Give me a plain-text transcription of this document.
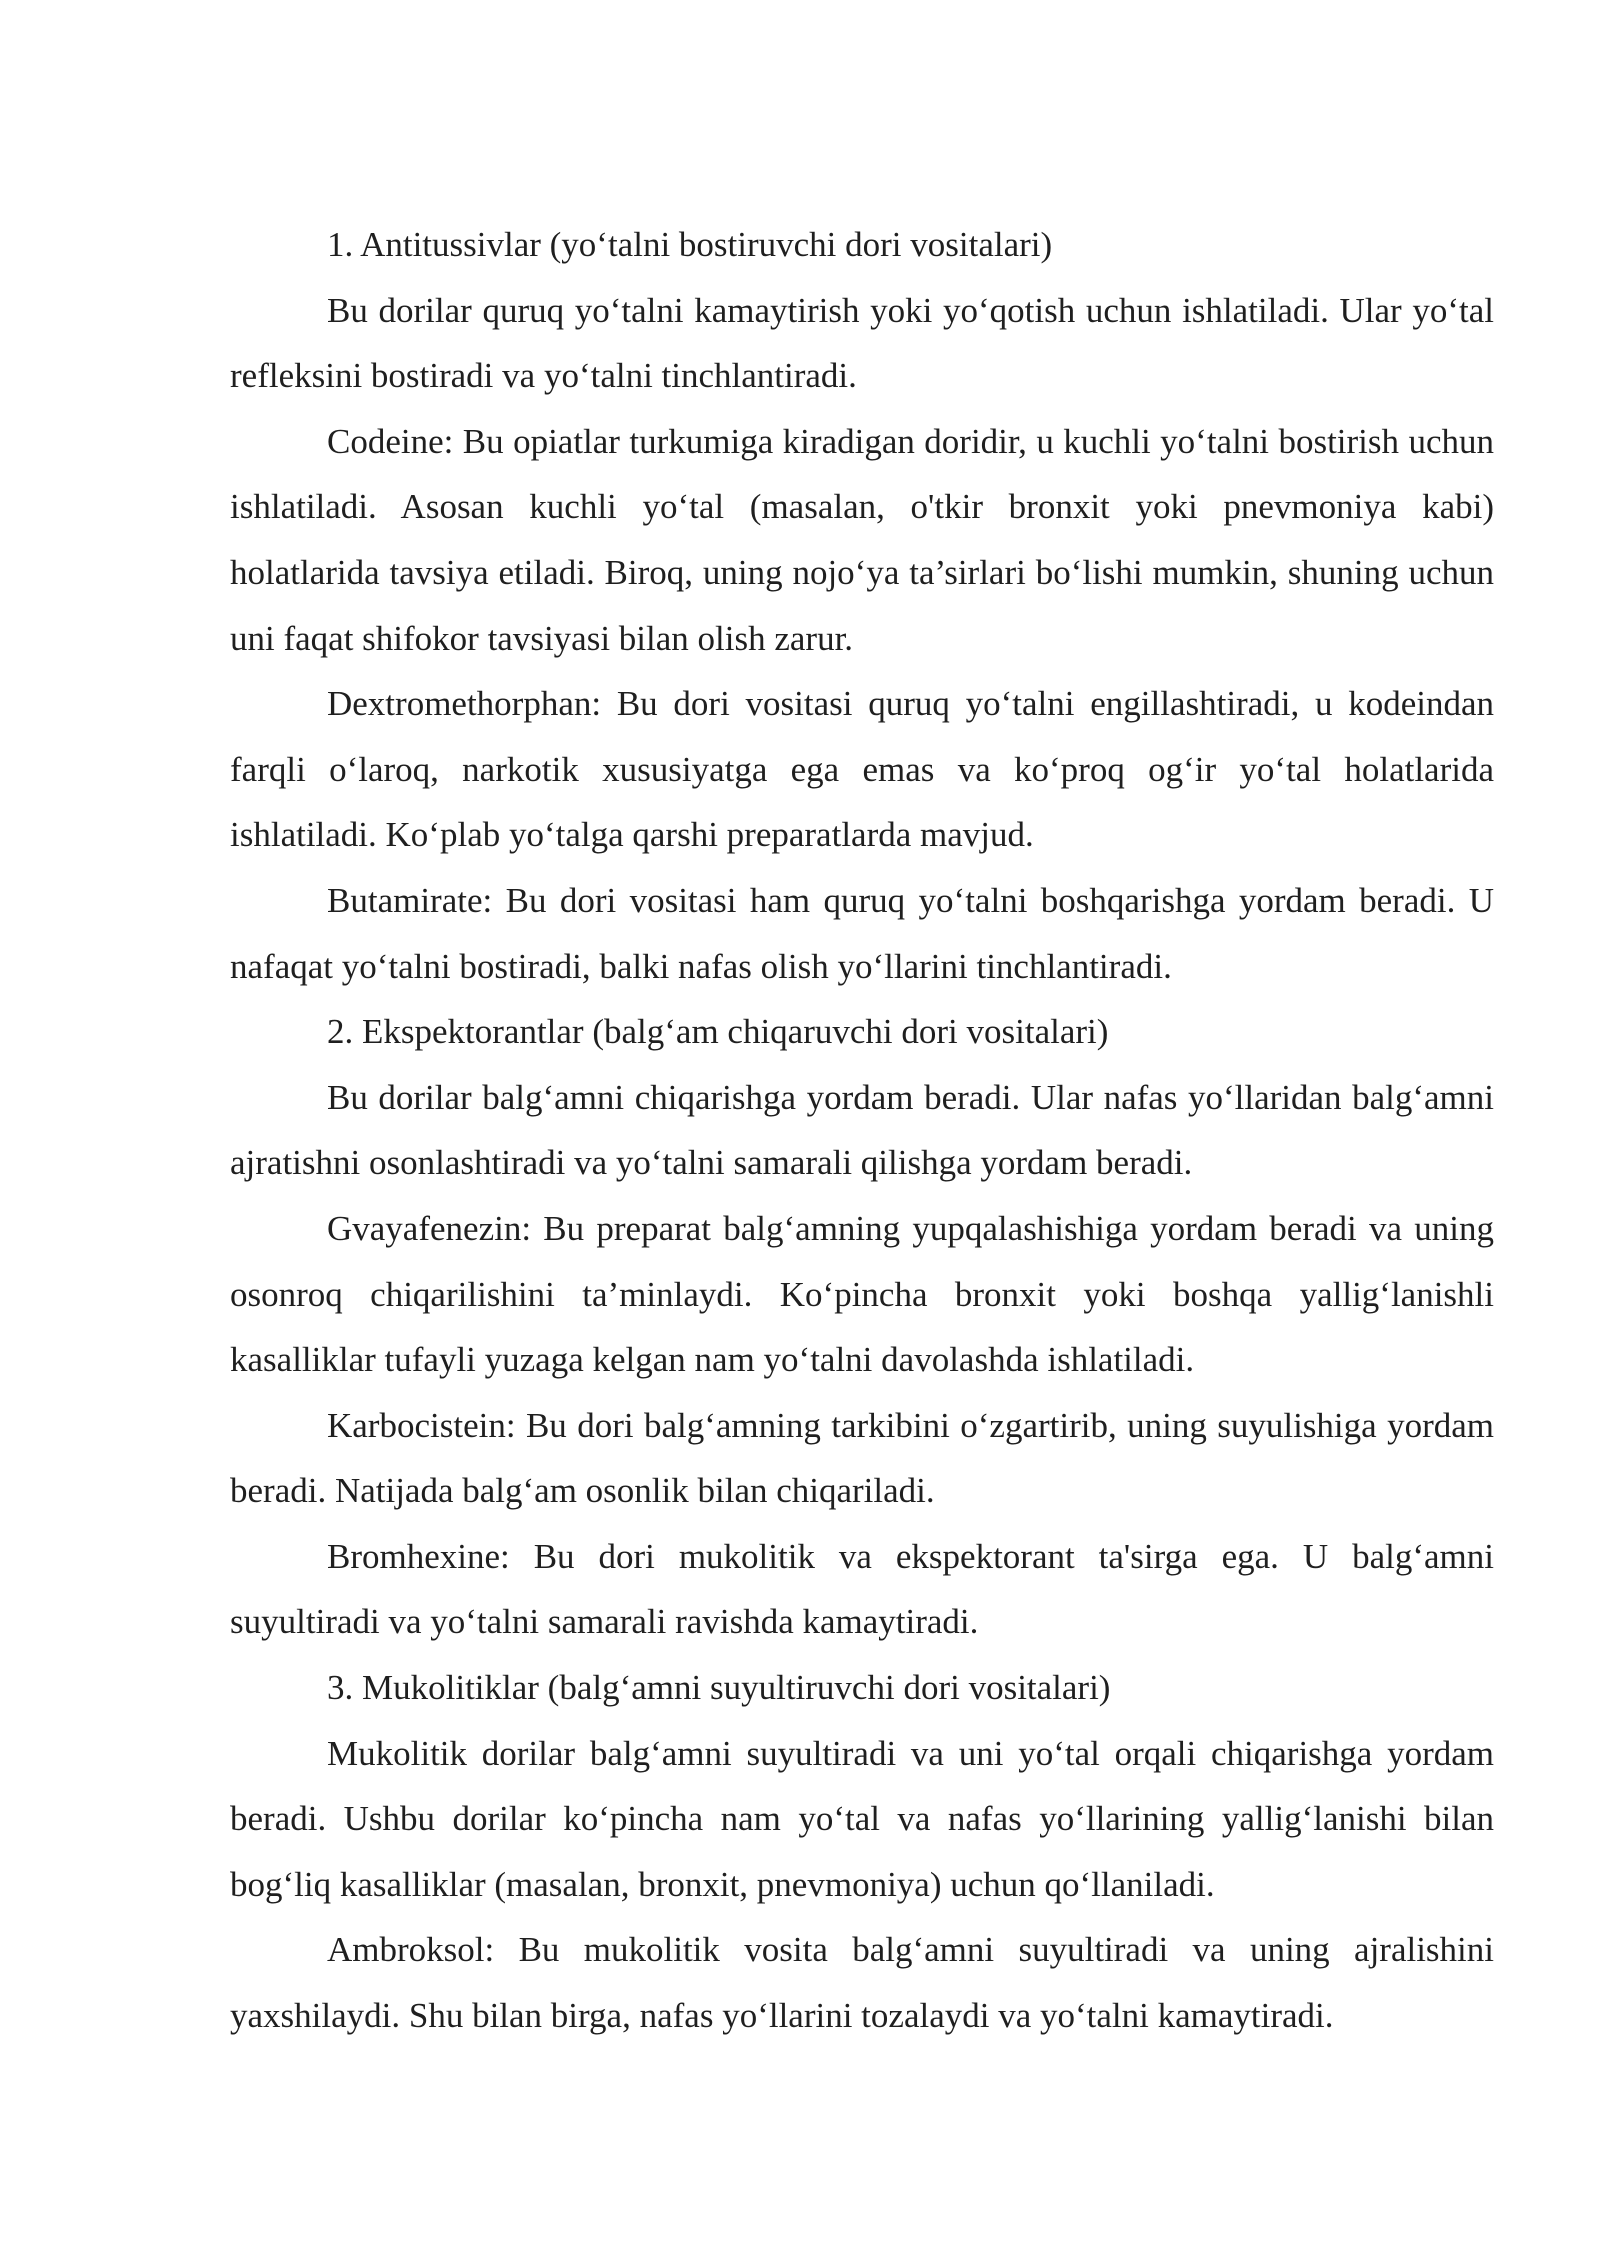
1. Antitussivlar (yo‘talni bostiruvchi dori vositalari)

Bu dorilar quruq yo‘talni kamaytirish yoki yo‘qotish uchun ishlatiladi. Ular yo‘tal refleksini bostiradi va yo‘talni tinchlantiradi.

Codeine: Bu opiatlar turkumiga kiradigan doridir, u kuchli yo‘talni bostirish uchun ishlatiladi. Asosan kuchli yo‘tal (masalan, o'tkir bronxit yoki pnevmoniya kabi) holatlarida tavsiya etiladi. Biroq, uning nojo‘ya ta’sirlari bo‘lishi mumkin, shuning uchun uni faqat shifokor tavsiyasi bilan olish zarur.

Dextromethorphan: Bu dori vositasi quruq yo‘talni engillashtiradi, u kodeindan farqli o‘laroq, narkotik xususiyatga ega emas va ko‘proq og‘ir yo‘tal holatlarida ishlatiladi. Ko‘plab yo‘talga qarshi preparatlarda mavjud.

Butamirate: Bu dori vositasi ham quruq yo‘talni boshqarishga yordam beradi. U nafaqat yo‘talni bostiradi, balki nafas olish yo‘llarini tinchlantiradi.

2. Ekspektorantlar (balg‘am chiqaruvchi dori vositalari)

Bu dorilar balg‘amni chiqarishga yordam beradi. Ular nafas yo‘llaridan balg‘amni ajratishni osonlashtiradi va yo‘talni samarali qilishga yordam beradi.

Gvayafenezin: Bu preparat balg‘amning yupqalashishiga yordam beradi va uning osonroq chiqarilishini ta’minlaydi. Ko‘pincha bronxit yoki boshqa yallig‘lanishli kasalliklar tufayli yuzaga kelgan nam yo‘talni davolashda ishlatiladi.

Karbocistein: Bu dori balg‘amning tarkibini o‘zgartirib, uning suyulishiga yordam beradi. Natijada balg‘am osonlik bilan chiqariladi.

Bromhexine: Bu dori mukolitik va ekspektorant ta'sirga ega. U balg‘amni suyultiradi va yo‘talni samarali ravishda kamaytiradi.

3. Mukolitiklar (balg‘amni suyultiruvchi dori vositalari)

Mukolitik dorilar balg‘amni suyultiradi va uni yo‘tal orqali chiqarishga yordam beradi. Ushbu dorilar ko‘pincha nam yo‘tal va nafas yo‘llarining yallig‘lanishi bilan bog‘liq kasalliklar (masalan, bronxit, pnevmoniya) uchun qo‘llaniladi.

Ambroksol: Bu mukolitik vosita balg‘amni suyultiradi va uning ajralishini yaxshilaydi. Shu bilan birga, nafas yo‘llarini tozalaydi va yo‘talni kamaytiradi.
